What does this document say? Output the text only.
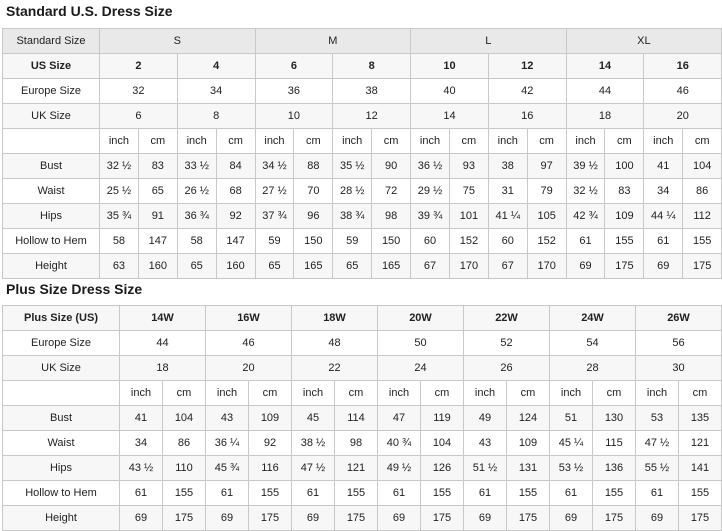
Standard U.S. Dress Size
Standard Size	S				M				L				XL			
US Size	2		4		6		8		10		12		14		16	
Europe Size	32		34		36		38		40		42		44		46	
UK Size	6		8		10		12		14		16		18		20	
	inch	cm	inch	cm	inch	cm	inch	cm	inch	cm	inch	cm	inch	cm	inch	cm
Bust	32 ½	83	33 ½	84	34 ½	88	35 ½	90	36 ½	93	38	97	39 ½	100	41	104
Waist	25 ½	65	26 ½	68	27 ½	70	28 ½	72	29 ½	75	31	79	32 ½	83	34	86
Hips	35 ¾	91	36 ¾	92	37 ¾	96	38 ¾	98	39 ¾	101	41 ¼	105	42 ¾	109	44 ¼	112
Hollow to Hem	58	147	58	147	59	150	59	150	60	152	60	152	61	155	61	155
Height	63	160	65	160	65	165	65	165	67	170	67	170	69	175	69	175
Plus Size Dress Size
Plus Size (US)	14W		16W		18W		20W		22W		24W		26W	
Europe Size	44		46		48		50		52		54		56	
UK Size	18		20		22		24		26		28		30	
	inch	cm	inch	cm	inch	cm	inch	cm	inch	cm	inch	cm	inch	cm
Bust	41	104	43	109	45	114	47	119	49	124	51	130	53	135
Waist	34	86	36 ¼	92	38 ½	98	40 ¾	104	43	109	45 ¼	115	47 ½	121
Hips	43 ½	110	45 ¾	116	47 ½	121	49 ½	126	51 ½	131	53 ½	136	55 ½	141
Hollow to Hem	61	155	61	155	61	155	61	155	61	155	61	155	61	155
Height	69	175	69	175	69	175	69	175	69	175	69	175	69	175
